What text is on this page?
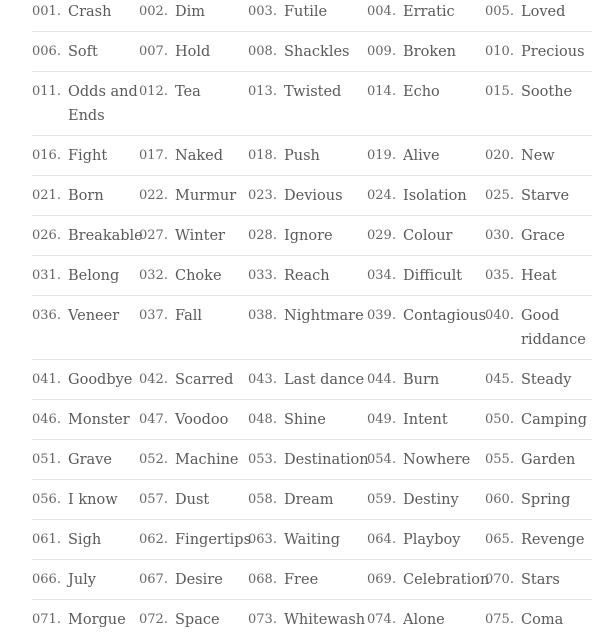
001. Crash	002. Dim	003. Futile	004. Erratic	005. Loved
006. Soft	007. Hold	008. Shackles	009. Broken	010. Precious
011. Odds and Ends	012. Tea	013. Twisted	014. Echo	015. Soothe
016. Fight	017. Naked	018. Push	019. Alive	020. New
021. Born	022. Murmur	023. Devious	024. Isolation	025. Starve
026. Breakable	027. Winter	028. Ignore	029. Colour	030. Grace
031. Belong	032. Choke	033. Reach	034. Difficult	035. Heat
036. Veneer	037. Fall	038. Nightmare	039. Contagious	040. Good riddance
041. Goodbye	042. Scarred	043. Last dance	044. Burn	045. Steady
046. Monster	047. Voodoo	048. Shine	049. Intent	050. Camping
051. Grave	052. Machine	053. Destination	054. Nowhere	055. Garden
056. I know	057. Dust	058. Dream	059. Destiny	060. Spring
061. Sigh	062. Fingertips	063. Waiting	064. Playboy	065. Revenge
066. July	067. Desire	068. Free	069. Celebration	070. Stars
071. Morgue	072. Space	073. Whitewash	074. Alone	075. Coma
